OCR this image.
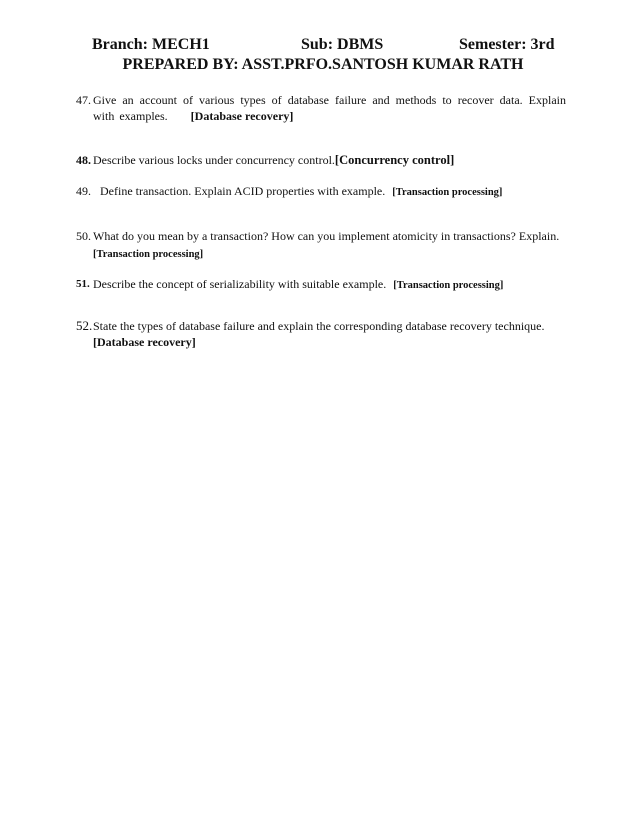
Branch: MECH1	Sub: DBMS	Semester: 3rd
PREPARED BY: ASST.PRFO.SANTOSH KUMAR RATH
47. Give an account of various types of database failure and methods to recover data. Explain with examples. [Database recovery]
48. Describe various locks under concurrency control.[Concurrency control]
49. Define transaction. Explain ACID properties with example. [Transaction processing]
50. What do you mean by a transaction? How can you implement atomicity in transactions? Explain.
[Transaction processing]
51. Describe the concept of serializability with suitable example. [Transaction processing]
52. State the types of database failure and explain the corresponding database recovery technique.
[Database recovery]
